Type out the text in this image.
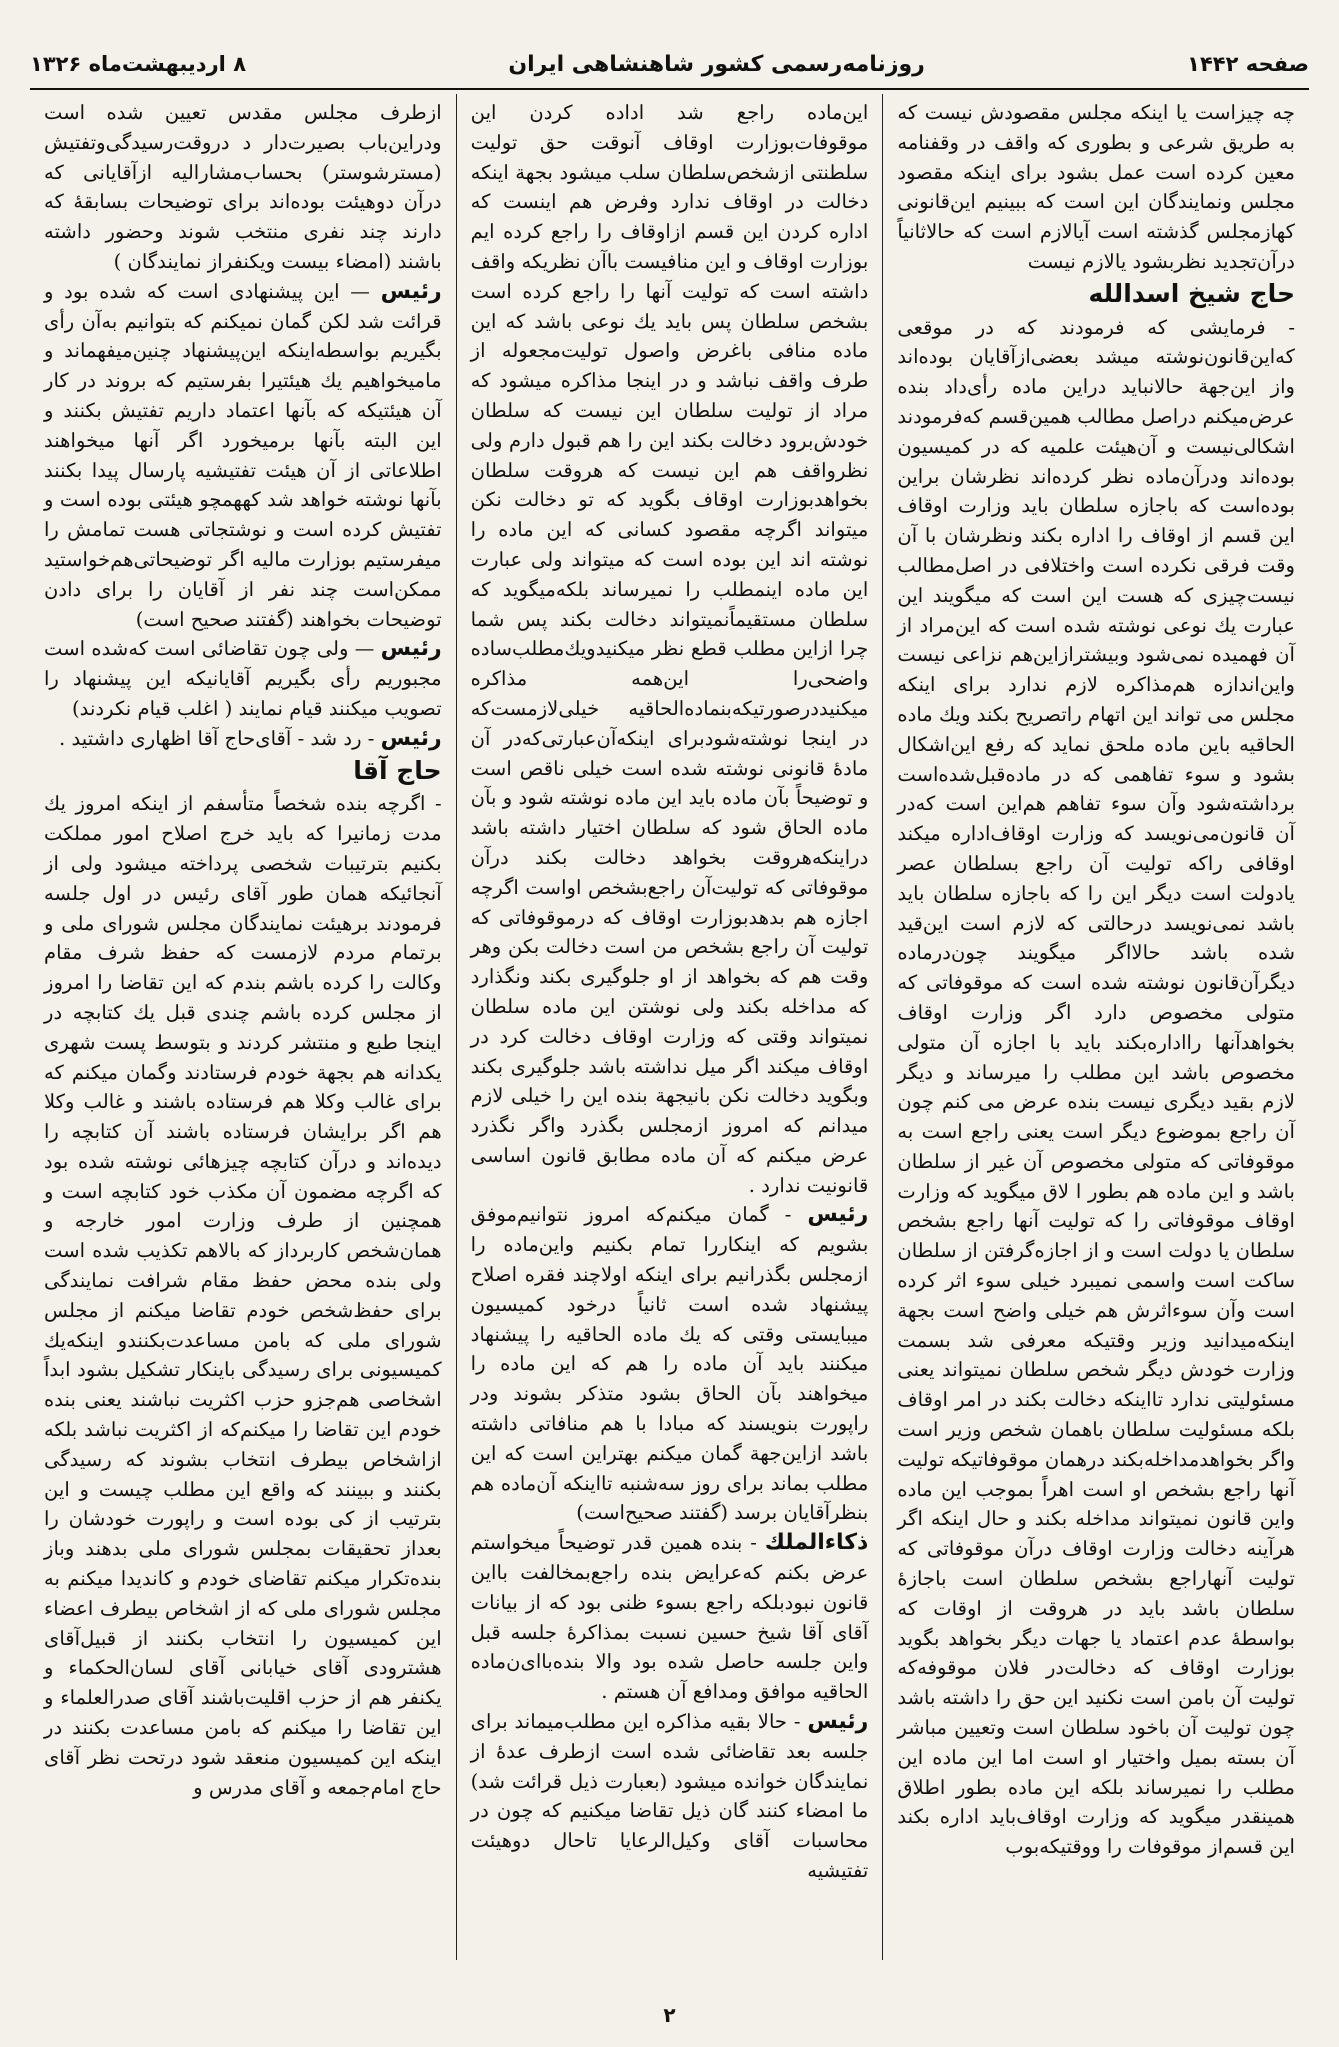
صفحه ۱۴۴۲
روزنامه‌رسمی کشور شاهنشاهی ایران
۸ اردیبهشت‌ماه ۱۳۲۶

چه چیزاست یا اینکه مجلس مقصودش نیست که به طریق شرعی و بطوری که واقف در وقفنامه معین کرده است عمل بشود برای اینکه مقصود مجلس ونمایندگان این است که ببینیم این‌قانونی کهازمجلس گذشته است آیالازم است که حالاثانیاً درآن‌تجدید نظربشود یالازم نیست

حاج شیخ اسدالله
- فرمایشی که فرمودند که در موقعی که‌این‌قانون‌نوشته میشد بعضی‌ازآقایان بوده‌اند واز این‌جهة حالانباید دراین ماده رأی‌داد بنده عرض‌میکنم دراصل مطالب همین‌قسم که‌فرمودند اشکالی‌نیست و آن‌هیئت علمیه که در کمیسیون بوده‌اند ودرآن‌ماده نظر کرده‌اند نظرشان براین بوده‌است که باجازه سلطان باید وزارت اوقاف این قسم از اوقاف را اداره بکند ونظرشان با آن وقت فرقی نکرده است واختلافی در اصل‌مطالب نیست‌چیزی که هست این است که میگویند این عبارت یك نوعی نوشته شده است که این‌مراد از آن فهمیده نمی‌شود وبیشترازاین‌هم نزاعی نیست واین‌اندازه هم‌مذاکره لازم ندارد برای اینکه مجلس می تواند این اتهام راتصریح بکند ویك ماده الحاقیه باین ماده ملحق نماید که رفع این‌اشکال بشود و سوء تفاهمی که در ماده‌قبل‌شده‌است برداشته‌شود وآن سوء تفاهم هم‌این است که‌در آن قانون‌می‌نویسد که وزارت اوقاف‌اداره میکند اوقافی راکه تولیت آن راجع بسلطان عصر یادولت است دیگر این را که باجازه سلطان باید باشد نمی‌نویسد درحالتی که لازم است این‌قید شده باشد حالااگر میگویند چون‌درماده دیگرآن‌قانون نوشته شده است که موقوفاتی که متولی مخصوص دارد اگر وزارت اوقاف بخواهدآنها رااداره‌بکند باید با اجازه آن متولی مخصوص باشد این مطلب را میرساند و دیگر لازم بقید دیگری نیست بنده عرض می کنم چون آن راجع بموضوع دیگر است یعنی راجع است به موقوفاتی که متولی مخصوص آن غیر از سلطان باشد و این ماده هم بطور ا لاق میگوید که وزارت اوقاف موقوفاتی را که تولیت آنها راجع بشخص سلطان یا دولت است و از اجازه‌گرفتن از سلطان ساکت است واسمی نمیبرد خیلی سوء اثر کرده است وآن سوءاثرش هم خیلی واضح است بجهة اینکه‌میدانید وزیر وقتیکه معرفی شد بسمت وزارت خودش دیگر شخص سلطان نمیتواند یعنی مسئولیتی ندارد تااینکه دخالت بکند در امر اوقاف بلکه مسئولیت سلطان باهمان شخص وزیر است واگر بخواهدمداخله‌بکند درهمان موقوفاتیکه تولیت آنها راجع بشخص او است اهراً بموجب این ماده واین قانون نمیتواند مداخله بکند و حال اینکه اگر هرآینه دخالت وزارت اوقاف درآن موقوفاتی که تولیت آنهاراجع بشخص سلطان است باجازهٔ سلطان باشد باید در هروقت از اوقات که بواسطهٔ عدم اعتماد یا جهات دیگر بخواهد بگوید بوزارت اوقاف که دخالت‌در فلان موقوفه‌که تولیت آن بامن است نکنید این حق را داشته باشد چون تولیت آن باخود سلطان است وتعیین مباشر آن بسته بمیل واختیار او است اما این ماده این مطلب را نمیرساند بلکه این ماده بطور اطلاق همینقدر میگوید که وزارت اوقاف‌باید اداره بکند این قسم‌از موقوفات را ووقتیکه‌بوب

این‌ماده راجع شد اداده کردن این موقوفات‌بوزارت اوقاف آنوقت حق تولیت سلطنتی ازشخص‌سلطان سلب میشود بجهة اینکه دخالت در اوقاف ندارد وفرض هم اینست که اداره کردن این قسم ازاوقاف را راجع کرده ایم بوزارت اوقاف و این منافیست باآن نظریکه واقف داشته است که تولیت آنها را راجع کرده است بشخص سلطان پس باید یك نوعی باشد که این ماده منافی باغرض واصول تولیت‌مجعوله از طرف واقف نباشد و در اینجا مذاکره میشود که مراد از تولیت سلطان این نیست که سلطان خودش‌برود دخالت بکند این را هم قبول دارم ولی نظرواقف هم این نیست که هروقت سلطان بخواهد‌بوزارت اوقاف بگوید که تو دخالت نکن میتواند اگرچه مقصود کسانی که این ماده را نوشته اند این بوده است که میتواند ولی عبارت این ماده اینمطلب را نمیرساند بلکه‌میگوید که سلطان مستقیماً‌نمیتواند دخالت بکند پس شما چرا ازاین مطلب قطع نظر میکنیدویك‌مطلب‌ساده واضحی‌را این‌همه مذاکره میکنیددرصورتیکه‌بنماده‌الحاقیه خیلی‌لازمست‌که در اینجا نوشته‌شودبرای اینکه‌آن‌عبارتی‌که‌در آن مادهٔ قانونی نوشته شده است خیلی ناقص است و توضیحاً بآن ماده باید این ماده نوشته شود و بآن ماده الحاق شود که سلطان اختیار داشته باشد دراینکه‌هروقت بخواهد دخالت بکند درآن موقوفاتی که تولیت‌آن راجع‌بشخص اواست اگرچه اجازه هم بدهدبوزارت اوقاف که درموقوفاتی که تولیت آن راجع بشخص من است دخالت بکن وهر وقت هم که بخواهد از او جلوگیری بکند ونگذارد که مداخله بکند ولی نوشتن این ماده سلطان نمیتواند وقتی که وزارت اوقاف دخالت کرد در اوقاف میکند اگر میل نداشته باشد جلوگیری بکند وبگوید دخالت نکن بانیجهة بنده این را خیلی لازم میدانم که امروز ازمجلس بگذرد واگر نگذرد عرض میکنم که آن ماده مطابق قانون اساسی قانونیت ندارد .

رئیس - گمان میکنم‌که امروز نتوانیم‌موفق بشویم که اینکاررا تمام بکنیم واین‌ماده را ازمجلس بگذرانیم برای اینکه اولاچند فقره اصلاح پیشنهاد شده است ثانیاً درخود کمیسیون میبایستی وقتی که یك ماده الحاقیه را پیشنهاد میکنند باید آن ماده را هم که این ماده را میخواهند بآن الحاق بشود متذکر بشوند ودر راپورت بنویسند که مبادا با هم منافاتی داشته باشد ازاین‌جهة گمان میکنم بهتراین است که این مطلب بماند برای روز سه‌شنبه تااینکه آن‌ماده هم بنظرآقایان برسد (گفتند صحیح‌است)

ذکاء‌الملك - بنده همین قدر توضیحاً میخواستم عرض بکنم که‌عرایض بنده راجع‌بمخالفت بااین قانون نبودبلکه راجع بسوء ظنی بود که از بیانات آقای آقا شیخ حسین نسبت بمذاکرهٔ جلسه قبل واین جلسه حاصل شده بود والا بنده‌باای‌ن‌ماده الحاقیه موافق ومدافع آن هستم .

رئیس - حالا بقیه مذاکره این مطلب‌میماند برای جلسه بعد تقاضائی شده است ازطرف عدهٔ از نمایندگان خوانده میشود (بعبارت ذیل قرائت شد) ما امضاء کنند گان ذیل تقاضا میکنیم که چون در محاسبات آقای وکیل‌الرعایا تاحال دوهیئت تفتیشیه

ازطرف مجلس مقدس تعیین شده است ودراین‌باب بصیرت‌دار د دروقت‌رسیدگی‌و‌تفتیش (مسترشوستر) بحساب‌مشارالیه ازآقایانی که درآن دوهیئت بوده‌اند برای توضیحات بسابقهٔ که دارند چند نفری منتخب شوند وحضور داشته باشند (امضاء بیست ویکنفراز نمایندگان )

رئیس — این پیشنهادی است که شده بود و قرائت شد لکن گمان نمیکنم که بتوانیم به‌آن رأی بگیریم بواسطه‌اینکه این‌پیشنهاد چنین‌میفهماند و مامیخواهیم یك هیئتیرا بفرستیم که بروند در کار آن هیئتیکه که بآنها اعتماد داریم تفتیش بکنند و این البته بآنها برمیخورد اگر آنها میخواهند اطلاعاتی از آن هیئت تفتیشیه پارسال پیدا بکنند بآنها نوشته خواهد شد کههمچو هیئتی بوده است و تفتیش کرده است و نوشتجاتی هست تمامش را میفرستیم بوزارت مالیه اگر توضیحاتی‌هم‌خواستید ممکن‌است چند نفر از آقایان را برای دادن توضیحات بخواهند (گفتند صحیح است)

رئیس — ولی چون تقاضائی است که‌شده است مجبوریم رأی بگیریم آقایانیکه این پیشنهاد را تصویب میکنند قیام نمایند ( اغلب قیام نکردند)

رئیس - رد شد - آقای‌حاج آقا اظهاری داشتید .

حاج آقا
- اگرچه بنده شخصاً متأسفم از اینکه امروز یك مدت زمانیرا که باید خرج اصلاح امور مملکت بکنیم بترتیبات شخصی پرداخته میشود ولی از آنجائیکه همان طور آقای رئیس در اول جلسه فرمودند برهیئت نمایندگان مجلس شورای ملی و برتمام مردم لازمست که حفظ شرف مقام وکالت را کرده باشم بندم که این تقاضا را امروز از مجلس کرده باشم چندی قبل یك کتابچه در اینجا طبع و منتشر کردند و بتوسط پست شهری یکدانه هم بجهة خودم فرستادند وگمان میکنم که برای غالب وکلا هم فرستاده باشند و غالب وکلا هم اگر برایشان فرستاده باشند آن کتابچه را دیده‌اند و درآن کتابچه چیزهائی نوشته شده بود که اگرچه مضمون آن مکذب خود کتابچه است و همچنین از طرف وزارت امور خارجه و همان‌شخص کاربرداز که بالاهم تکذیب شده است ولی بنده محض حفظ مقام شرافت نمایندگی برای حفظ‌شخص خودم تقاضا میکنم از مجلس شورای ملی که بامن مساعدت‌بکنندو اینکه‌یك کمیسیونی برای رسیدگی باینکار تشکیل بشود ابداً اشخاصی هم‌جزو حزب اکثریت نباشند یعنی بنده خودم این تقاضا را میکنم‌که از اکثریت نباشد بلکه ازاشخاص بیطرف انتخاب بشوند که رسیدگی بکنند و ببینند که واقع این مطلب چیست و این بترتیب از کی بوده است و راپورت خودشان را بعداز تحقیقات بمجلس شورای ملی بدهند وباز بنده‌تکرار میکنم تقاضای خودم و کاندیدا میکنم به مجلس شورای ملی که از اشخاص بیطرف اعضاء این کمیسیون را انتخاب بکنند از قبیل‌آقای هشترودی آقای خیابانی آقای لسان‌الحکماء و یکنفر هم از حزب اقلیت‌باشند آقای صدرالعلماء و این تقاضا را میکنم که بامن مساعدت بکنند در اینکه این کمیسیون منعقد شود درتحت نظر آقای حاج امام‌جمعه و آقای مدرس و

۲
